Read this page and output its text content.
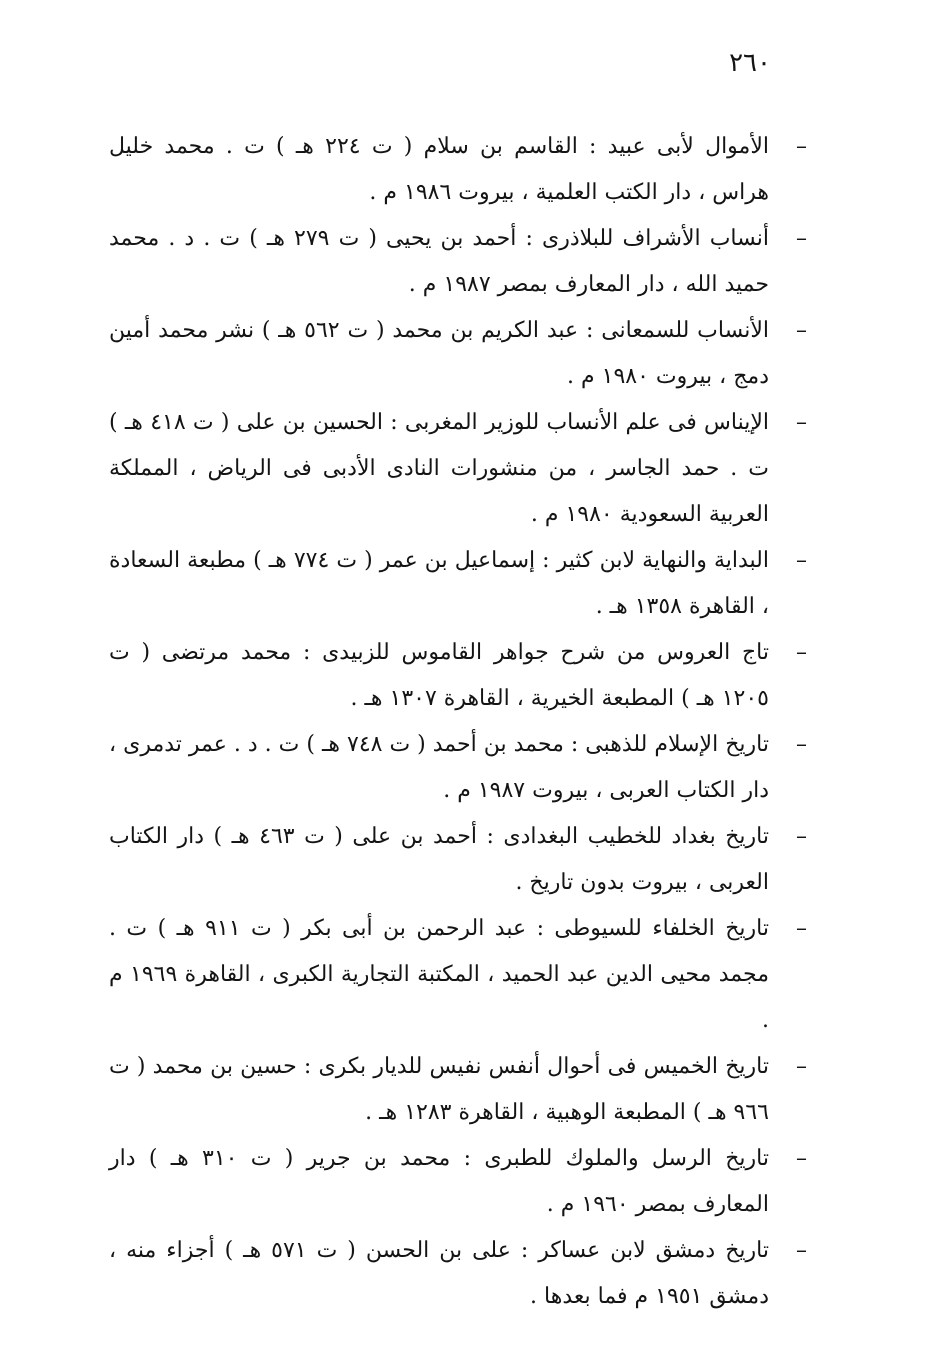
٢٦٠
–
الأموال لأبى عبيد : القاسم بن سلام ( ت ٢٢٤ هـ ) ت . محمد خليل هراس ، دار الكتب العلمية ، بيروت ١٩٨٦ م .
–
أنساب الأشراف للبلاذرى : أحمد بن يحيى ( ت ٢٧٩ هـ ) ت . د . محمد حميد الله ، دار المعارف بمصر ١٩٨٧ م .
–
الأنساب للسمعانى : عبد الكريم بن محمد ( ت ٥٦٢ هـ ) نشر محمد أمين دمج ، بيروت ١٩٨٠ م .
–
الإيناس فى علم الأنساب للوزير المغربى : الحسين بن على ( ت ٤١٨ هـ ) ت . حمد الجاسر ، من منشورات النادى الأدبى فى الرياض ، المملكة العربية السعودية ١٩٨٠ م .
–
البداية والنهاية لابن كثير : إسماعيل بن عمر ( ت ٧٧٤ هـ ) مطبعة السعادة ، القاهرة ١٣٥٨ هـ .
–
تاج العروس من شرح جواهر القاموس للزبيدى : محمد مرتضى ( ت ١٢٠٥ هـ ) المطبعة الخيرية ، القاهرة ١٣٠٧ هـ .
–
تاريخ الإسلام للذهبى : محمد بن أحمد ( ت ٧٤٨ هـ ) ت . د . عمر تدمرى ، دار الكتاب العربى ، بيروت ١٩٨٧ م .
–
تاريخ بغداد للخطيب البغدادى : أحمد بن على ( ت ٤٦٣ هـ ) دار الكتاب العربى ، بيروت بدون تاريخ .
–
تاريخ الخلفاء للسيوطى : عبد الرحمن بن أبى بكر ( ت ٩١١ هـ ) ت . مجمد محيى الدين عبد الحميد ، المكتبة التجارية الكبرى ، القاهرة ١٩٦٩ م .
–
تاريخ الخميس فى أحوال أنفس نفيس للديار بكرى : حسين بن محمد ( ت ٩٦٦ هـ ) المطبعة الوهبية ، القاهرة ١٢٨٣ هـ .
–
تاريخ الرسل والملوك للطبرى : محمد بن جرير ( ت ٣١٠ هـ ) دار المعارف بمصر ١٩٦٠ م .
–
تاريخ دمشق لابن عساكر : على بن الحسن ( ت ٥٧١ هـ ) أجزاء منه ، دمشق ١٩٥١ م فما بعدها .
